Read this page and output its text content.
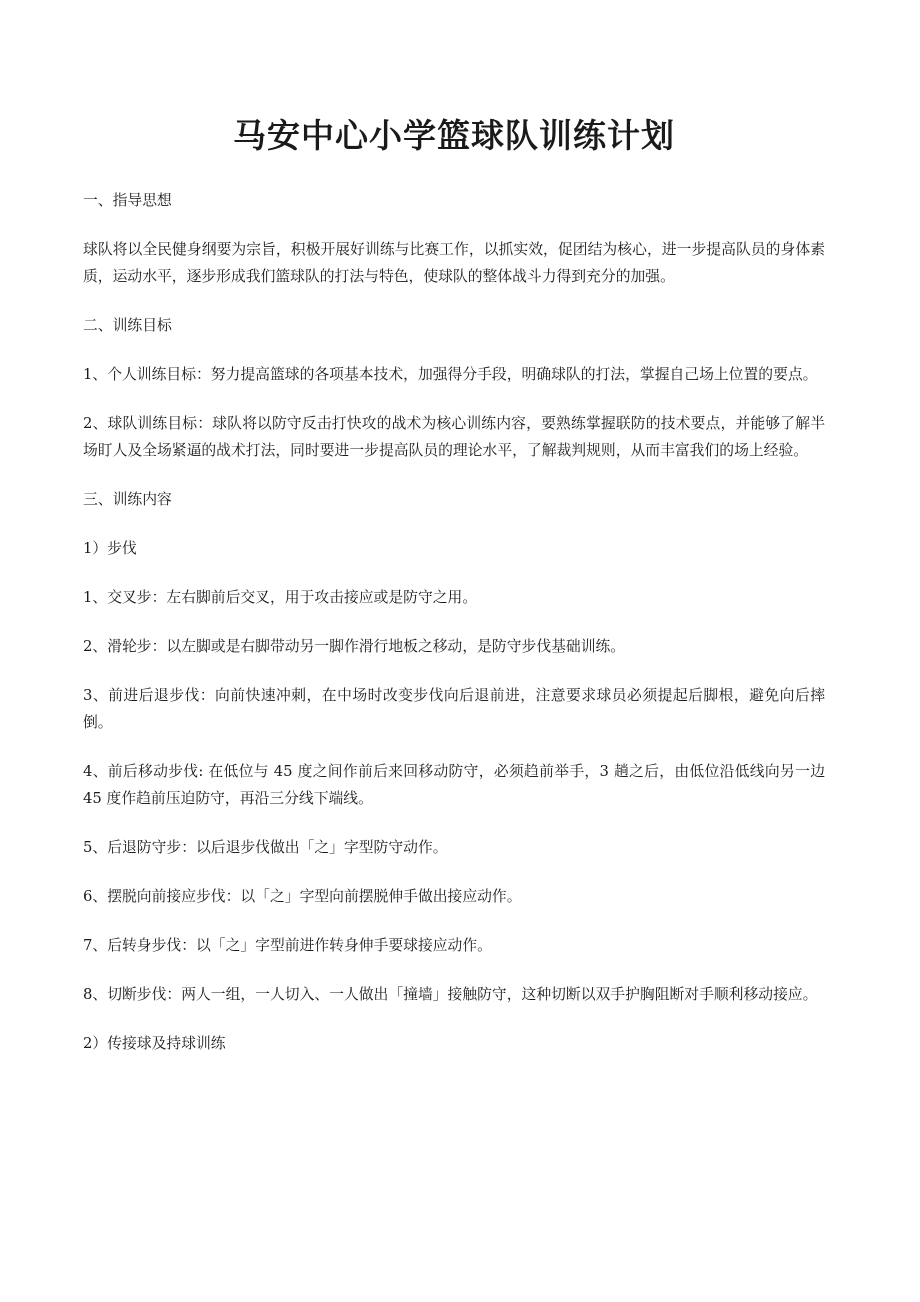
马安中心小学篮球队训练计划

一、指导思想

球队将以全民健身纲要为宗旨，积极开展好训练与比赛工作，以抓实效，促团结为核心，进一步提高队员的身体素质，运动水平，逐步形成我们篮球队的打法与特色，使球队的整体战斗力得到充分的加强。

二、训练目标

1、个人训练目标：努力提高篮球的各项基本技术，加强得分手段，明确球队的打法，掌握自己场上位置的要点。

2、球队训练目标：球队将以防守反击打快攻的战术为核心训练内容，要熟练掌握联防的技术要点，并能够了解半场盯人及全场紧逼的战术打法，同时要进一步提高队员的理论水平，了解裁判规则，从而丰富我们的场上经验。

三、训练内容

1）步伐

1、交叉步：左右脚前后交叉，用于攻击接应或是防守之用。

2、滑轮步：以左脚或是右脚带动另一脚作滑行地板之移动，是防守步伐基础训练。

3、前进后退步伐：向前快速冲刺，在中场时改变步伐向后退前进，注意要求球员必须提起后脚根，避免向后摔倒。

4、前后移动步伐: 在低位与 45 度之间作前后来回移动防守，必须趋前举手，3 趟之后，由低位沿低线向另一边 45 度作趋前压迫防守，再沿三分线下端线。

5、后退防守步：以后退步伐做出「之」字型防守动作。

6、摆脱向前接应步伐：以「之」字型向前摆脱伸手做出接应动作。

7、后转身步伐：以「之」字型前进作转身伸手要球接应动作。

8、切断步伐：两人一组，一人切入、一人做出「撞墙」接触防守，这种切断以双手护胸阻断对手顺利移动接应。

2）传接球及持球训练
